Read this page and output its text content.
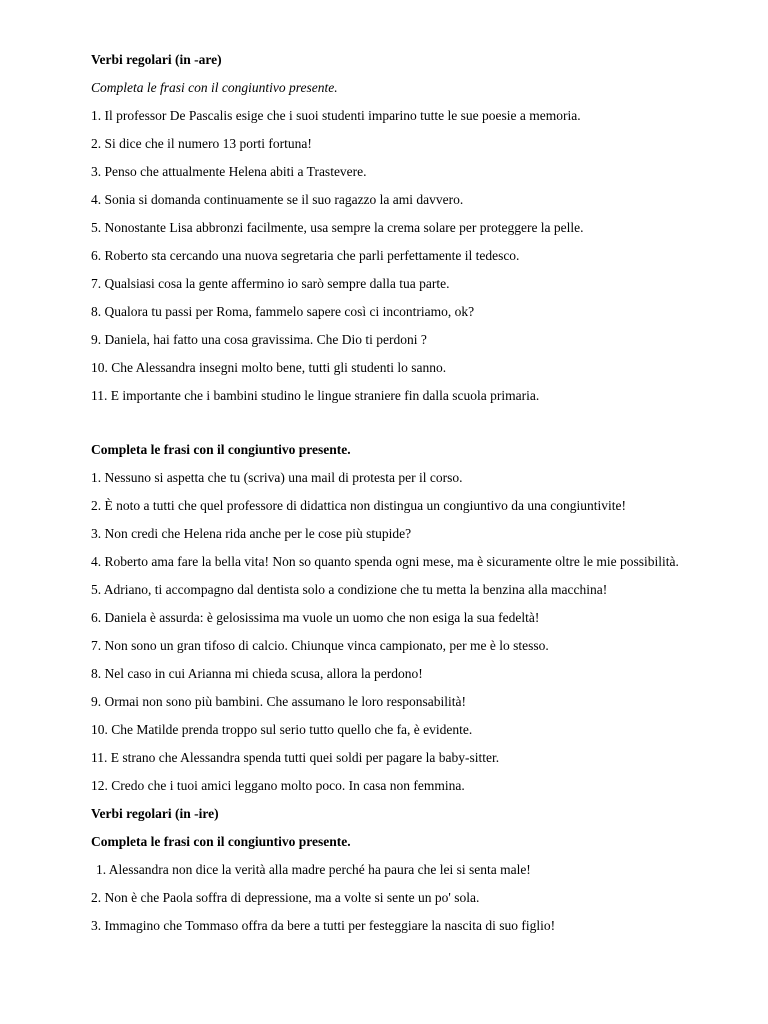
Verbi regolari (in -are)
Completa le frasi con il congiuntivo presente.
1. Il professor De Pascalis esige che i suoi studenti imparino tutte le sue poesie a memoria.
2. Si dice che il numero 13 porti fortuna!
3. Penso che attualmente Helena abiti a Trastevere.
4. Sonia si domanda continuamente se il suo ragazzo la ami davvero.
5. Nonostante Lisa abbronzi facilmente, usa sempre la crema solare per proteggere la pelle.
6. Roberto sta cercando una nuova segretaria che parli perfettamente il tedesco.
7. Qualsiasi cosa la gente affermino io sarò sempre dalla tua parte.
8. Qualora tu passi per Roma, fammelo sapere così ci incontriamo, ok?
9. Daniela, hai fatto una cosa gravissima. Che Dio ti perdoni ?
10. Che Alessandra insegni molto bene, tutti gli studenti lo sanno.
11. E importante che i bambini studino le lingue straniere fin dalla scuola primaria.
Completa le frasi con il congiuntivo presente.
1. Nessuno si aspetta che tu (scriva) una mail di protesta per il corso.
2. È noto a tutti che quel professore di didattica non distingua un congiuntivo da una congiuntivite!
3. Non credi che Helena rida anche per le cose più stupide?
4. Roberto ama fare la bella vita! Non so quanto spenda ogni mese, ma è sicuramente oltre le mie possibilità.
5. Adriano, ti accompagno dal dentista solo a condizione che tu metta la benzina alla macchina!
6. Daniela è assurda: è gelosissima ma vuole un uomo che non esiga la sua fedeltà!
7. Non sono un gran tifoso di calcio. Chiunque vinca campionato, per me è lo stesso.
8. Nel caso in cui Arianna mi chieda scusa, allora la perdono!
9. Ormai non sono più bambini. Che assumano le loro responsabilità!
10. Che Matilde prenda troppo sul serio tutto quello che fa, è evidente.
11. E strano che Alessandra spenda tutti quei soldi per pagare la baby-sitter.
12. Credo che i tuoi amici leggano molto poco. In casa non femmina.
Verbi regolari (in -ire)
Completa le frasi con il congiuntivo presente.
1. Alessandra non dice la verità alla madre perché ha paura che lei si senta male!
2. Non è che Paola soffra di depressione, ma a volte si sente un po' sola.
3. Immagino che Tommaso offra da bere a tutti per festeggiare la nascita di suo figlio!
